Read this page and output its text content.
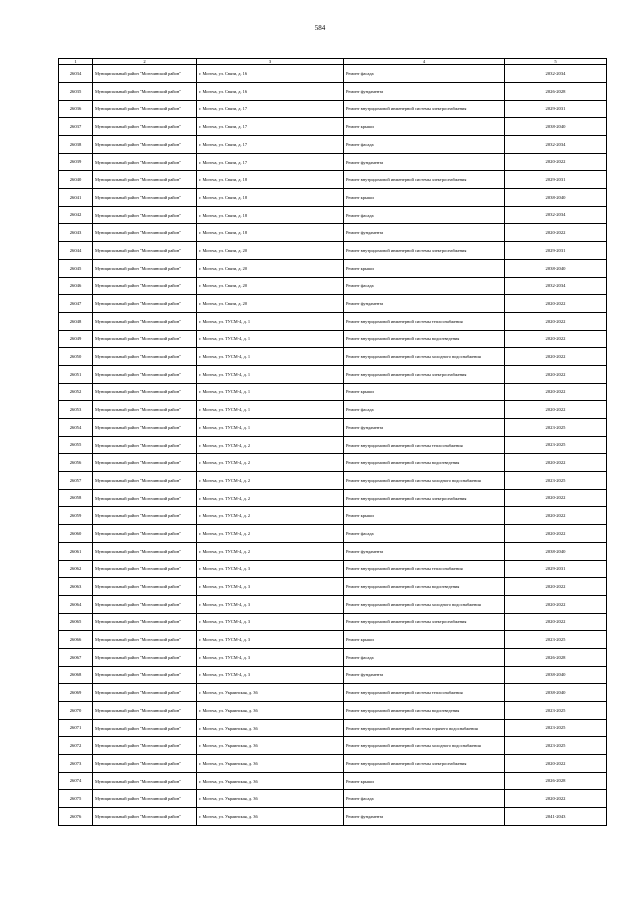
584
1	2	3	4	5
26034	Муниципальный район "Могочинский район"	г. Могоча, ул. Связи, д. 16	Ремонт фасада	2032-2034
26035	Муниципальный район "Могочинский район"	г. Могоча, ул. Связи, д. 16	Ремонт фундамента	2026-2028
26036	Муниципальный район "Могочинский район"	г. Могоча, ул. Связи, д. 17	Ремонт внутридомовой инженерной системы электроснабжения	2029-2031
26037	Муниципальный район "Могочинский район"	г. Могоча, ул. Связи, д. 17	Ремонт крыши	2038-2040
26038	Муниципальный район "Могочинский район"	г. Могоча, ул. Связи, д. 17	Ремонт фасада	2032-2034
26039	Муниципальный район "Могочинский район"	г. Могоча, ул. Связи, д. 17	Ремонт фундамента	2020-2022
26040	Муниципальный район "Могочинский район"	г. Могоча, ул. Связи, д. 18	Ремонт внутридомовой инженерной системы электроснабжения	2029-2031
26041	Муниципальный район "Могочинский район"	г. Могоча, ул. Связи, д. 18	Ремонт крыши	2038-2040
26042	Муниципальный район "Могочинский район"	г. Могоча, ул. Связи, д. 18	Ремонт фасада	2032-2034
26043	Муниципальный район "Могочинский район"	г. Могоча, ул. Связи, д. 18	Ремонт фундамента	2020-2022
26044	Муниципальный район "Могочинский район"	г. Могоча, ул. Связи, д. 20	Ремонт внутридомовой инженерной системы электроснабжения	2029-2031
26045	Муниципальный район "Могочинский район"	г. Могоча, ул. Связи, д. 20	Ремонт крыши	2038-2040
26046	Муниципальный район "Могочинский район"	г. Могоча, ул. Связи, д. 20	Ремонт фасада	2032-2034
26047	Муниципальный район "Могочинский район"	г. Могоча, ул. Связи, д. 20	Ремонт фундамента	2020-2022
26048	Муниципальный район "Могочинский район"	г. Могоча, ул. ТУСМ-4, д. 1	Ремонт внутридомовой инженерной системы теплоснабжения	2020-2022
26049	Муниципальный район "Могочинский район"	г. Могоча, ул. ТУСМ-4, д. 1	Ремонт внутридомовой инженерной системы водоотведения	2020-2022
26050	Муниципальный район "Могочинский район"	г. Могоча, ул. ТУСМ-4, д. 1	Ремонт внутридомовой инженерной системы холодного водоснабжения	2020-2022
26051	Муниципальный район "Могочинский район"	г. Могоча, ул. ТУСМ-4, д. 1	Ремонт внутридомовой инженерной системы электроснабжения	2020-2022
26052	Муниципальный район "Могочинский район"	г. Могоча, ул. ТУСМ-4, д. 1	Ремонт крыши	2020-2022
26053	Муниципальный район "Могочинский район"	г. Могоча, ул. ТУСМ-4, д. 1	Ремонт фасада	2020-2022
26054	Муниципальный район "Могочинский район"	г. Могоча, ул. ТУСМ-4, д. 1	Ремонт фундамента	2023-2025
26055	Муниципальный район "Могочинский район"	г. Могоча, ул. ТУСМ-4, д. 2	Ремонт внутридомовой инженерной системы теплоснабжения	2023-2025
26056	Муниципальный район "Могочинский район"	г. Могоча, ул. ТУСМ-4, д. 2	Ремонт внутридомовой инженерной системы водоотведения	2020-2022
26057	Муниципальный район "Могочинский район"	г. Могоча, ул. ТУСМ-4, д. 2	Ремонт внутридомовой инженерной системы холодного водоснабжения	2023-2025
26058	Муниципальный район "Могочинский район"	г. Могоча, ул. ТУСМ-4, д. 2	Ремонт внутридомовой инженерной системы электроснабжения	2020-2022
26059	Муниципальный район "Могочинский район"	г. Могоча, ул. ТУСМ-4, д. 2	Ремонт крыши	2020-2022
26060	Муниципальный район "Могочинский район"	г. Могоча, ул. ТУСМ-4, д. 2	Ремонт фасада	2020-2022
26061	Муниципальный район "Могочинский район"	г. Могоча, ул. ТУСМ-4, д. 2	Ремонт фундамента	2038-2040
26062	Муниципальный район "Могочинский район"	г. Могоча, ул. ТУСМ-4, д. 3	Ремонт внутридомовой инженерной системы теплоснабжения	2029-2031
26063	Муниципальный район "Могочинский район"	г. Могоча, ул. ТУСМ-4, д. 3	Ремонт внутридомовой инженерной системы водоотведения	2020-2022
26064	Муниципальный район "Могочинский район"	г. Могоча, ул. ТУСМ-4, д. 3	Ремонт внутридомовой инженерной системы холодного водоснабжения	2020-2022
26065	Муниципальный район "Могочинский район"	г. Могоча, ул. ТУСМ-4, д. 3	Ремонт внутридомовой инженерной системы электроснабжения	2020-2022
26066	Муниципальный район "Могочинский район"	г. Могоча, ул. ТУСМ-4, д. 3	Ремонт крыши	2023-2025
26067	Муниципальный район "Могочинский район"	г. Могоча, ул. ТУСМ-4, д. 3	Ремонт фасада	2026-2028
26068	Муниципальный район "Могочинский район"	г. Могоча, ул. ТУСМ-4, д. 3	Ремонт фундамента	2038-2040
26069	Муниципальный район "Могочинский район"	г. Могоча, ул. Украинская, д. 36	Ремонт внутридомовой инженерной системы теплоснабжения	2038-2040
26070	Муниципальный район "Могочинский район"	г. Могоча, ул. Украинская, д. 36	Ремонт внутридомовой инженерной системы водоотведения	2023-2025
26071	Муниципальный район "Могочинский район"	г. Могоча, ул. Украинская, д. 36	Ремонт внутридомовой инженерной системы горячего водоснабжения	2023-2025
26072	Муниципальный район "Могочинский район"	г. Могоча, ул. Украинская, д. 36	Ремонт внутридомовой инженерной системы холодного водоснабжения	2023-2025
26073	Муниципальный район "Могочинский район"	г. Могоча, ул. Украинская, д. 36	Ремонт внутридомовой инженерной системы электроснабжения	2020-2022
26074	Муниципальный район "Могочинский район"	г. Могоча, ул. Украинская, д. 36	Ремонт крыши	2026-2028
26075	Муниципальный район "Могочинский район"	г. Могоча, ул. Украинская, д. 36	Ремонт фасада	2020-2022
26076	Муниципальный район "Могочинский район"	г. Могоча, ул. Украинская, д. 36	Ремонт фундамента	2041-2043
